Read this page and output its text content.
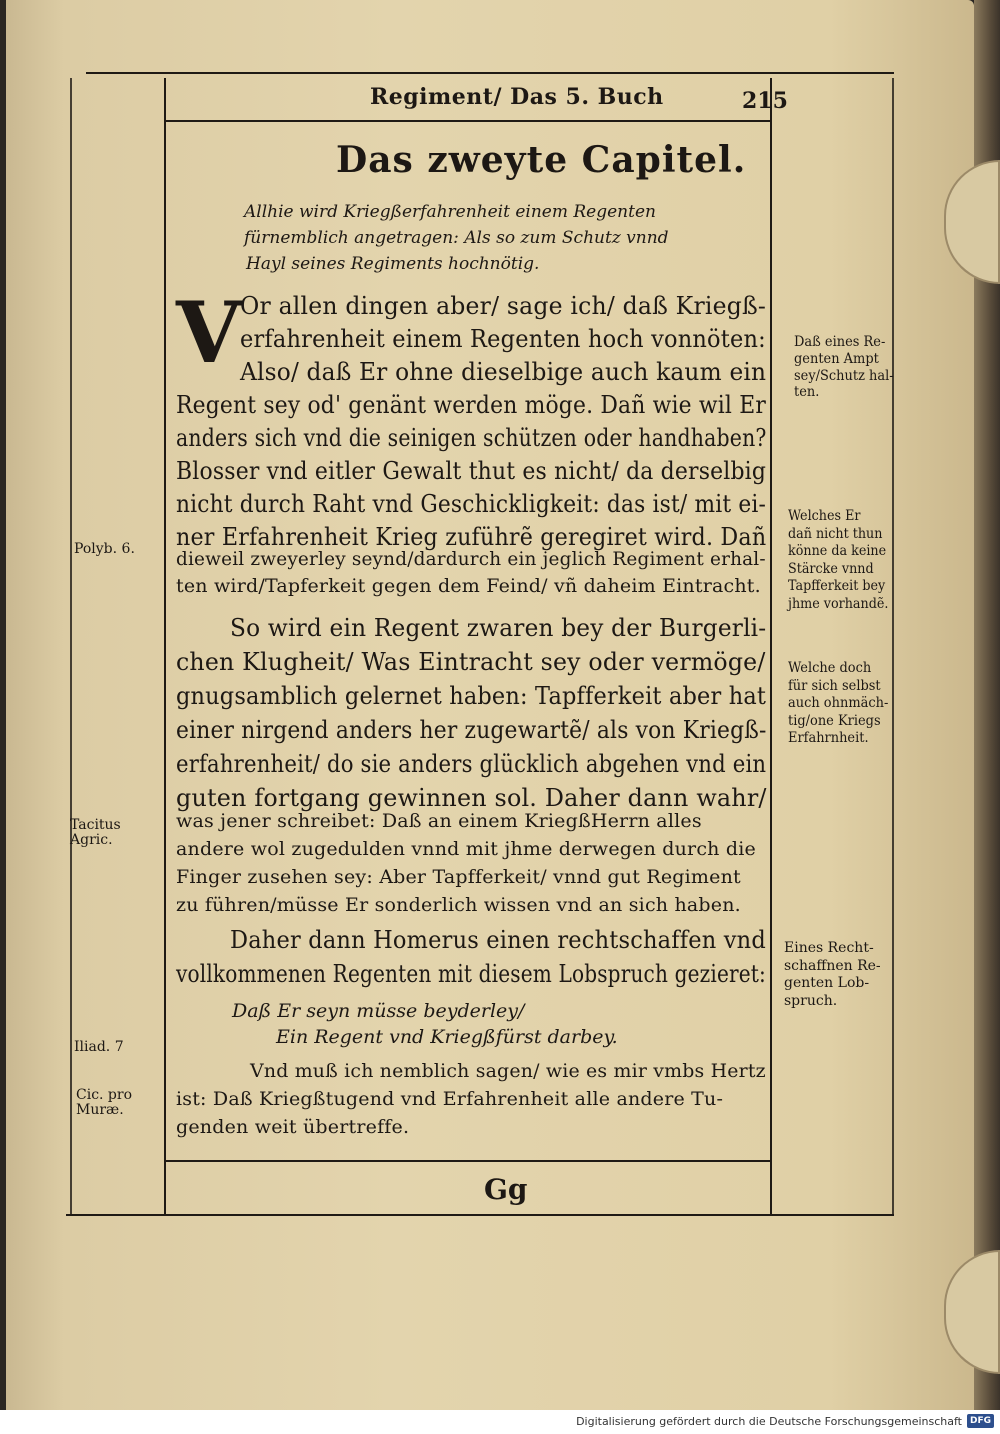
Regiment/ Das 5. Buch	215
Das zweyte Capitel.
Allhie wird Kriegßerfahrenheit einem Regenten
fürnemblich angetragen: Als so zum Schutz vnnd
Hayl seines Regiments hochnötig.
V
Or allen dingen aber/ sage ich/ daß Kriegß-
erfahrenheit einem Regenten hoch vonnöten:
Also/ daß Er ohne dieselbige auch kaum ein
Regent sey od' genänt werden möge. Dañ wie wil Er
anders sich vnd die seinigen schützen oder handhaben?
Blosser vnd eitler Gewalt thut es nicht/ da derselbig
nicht durch Raht vnd Geschickligkeit: das ist/ mit ei-
ner Erfahrenheit Krieg zuführẽ geregiret wird. Dañ
dieweil zweyerley seynd/dardurch ein jeglich Regiment erhal-
ten wird/Tapferkeit gegen dem Feind/ vñ daheim Eintracht.
So wird ein Regent zwaren bey der Burgerli-
chen Klugheit/ Was Eintracht sey oder vermöge/
gnugsamblich gelernet haben: Tapfferkeit aber hat
einer nirgend anders her zugewartẽ/ als von Kriegß-
erfahrenheit/ do sie anders glücklich abgehen vnd ein
guten fortgang gewinnen sol. Daher dann wahr/
was jener schreibet: Daß an einem KriegßHerrn alles
andere wol zugedulden vnnd mit jhme derwegen durch die
Finger zusehen sey: Aber Tapfferkeit/ vnnd gut Regiment
zu führen/müsse Er sonderlich wissen vnd an sich haben.
Daher dann Homerus einen rechtschaffen vnd
vollkommenen Regenten mit diesem Lobspruch gezieret:
Daß Er seyn müsse beyderley/
Ein Regent vnd Kriegßfürst darbey.
Vnd muß ich nemblich sagen/ wie es mir vmbs Hertz
ist: Daß Kriegßtugend vnd Erfahrenheit alle andere Tu-
genden weit übertreffe.
Gg
Polyb. 6.
Tacitus
Agric.
Iliad. 7
Cic. pro
Muræ.
Daß eines Re-
genten Ampt
sey/Schutz hal-
ten.
Welches Er
dañ nicht thun
könne da keine
Stärcke vnnd
Tapfferkeit bey
jhme vorhandẽ.
Welche doch
für sich selbst
auch ohnmäch-
tig/one Kriegs
Erfahrnheit.
Eines Recht-
schaffnen Re-
genten Lob-
spruch.
Digitalisierung gefördert durch die Deutsche Forschungsgemeinschaft DFG
